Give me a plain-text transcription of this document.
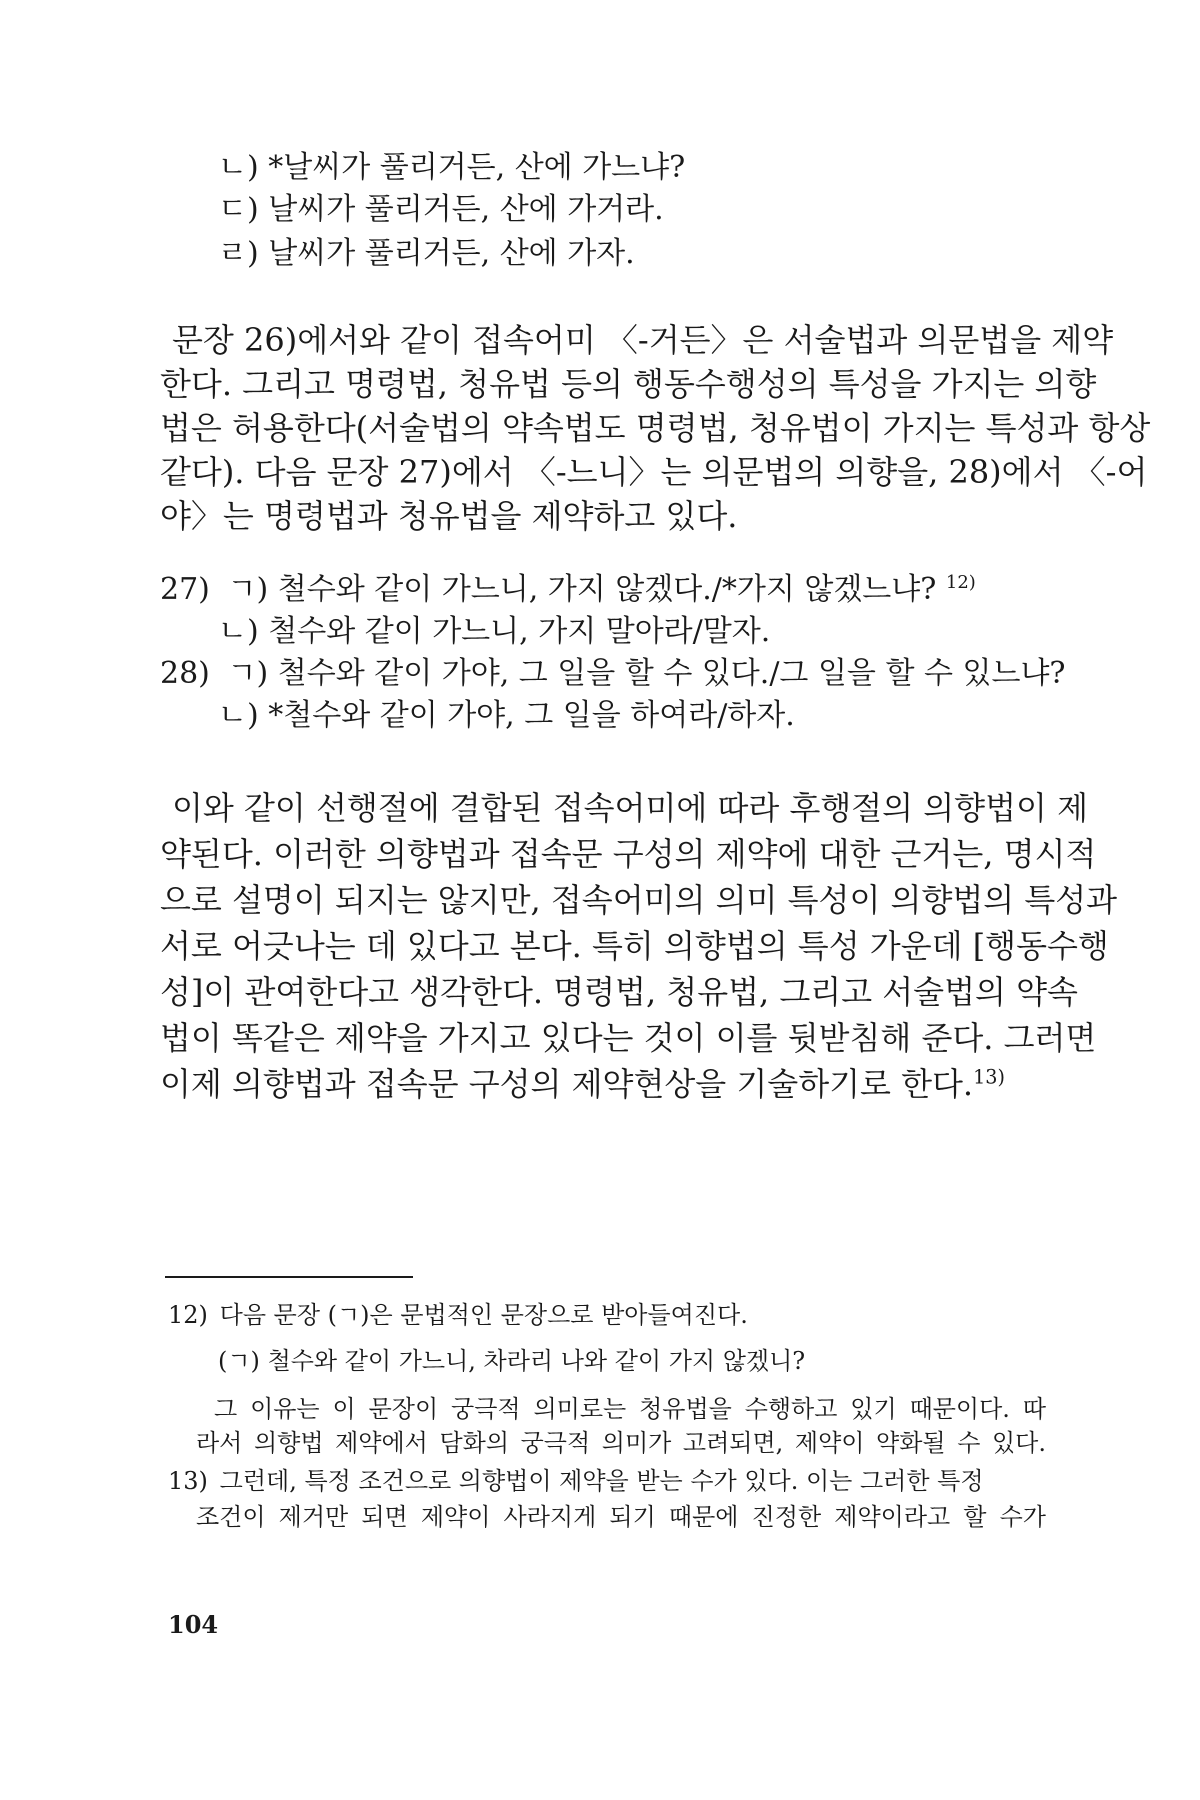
ㄴ) *날씨가 풀리거든, 산에 가느냐?
ㄷ) 날씨가 풀리거든, 산에 가거라.
ㄹ) 날씨가 풀리거든, 산에 가자.
문장 26)에서와 같이 접속어미 〈-거든〉은 서술법과 의문법을 제약
한다. 그리고 명령법, 청유법 등의 행동수행성의 특성을 가지는 의향
법은 허용한다(서술법의 약속법도 명령법, 청유법이 가지는 특성과 항상
같다). 다음 문장 27)에서 〈-느니〉는 의문법의 의향을, 28)에서 〈-어
야〉는 명령법과 청유법을 제약하고 있다.
27) ㄱ) 철수와 같이 가느니, 가지 않겠다./*가지 않겠느냐? $^{12)}$
ㄴ) 철수와 같이 가느니, 가지 말아라/말자.
28) ㄱ) 철수와 같이 가야, 그 일을 할 수 있다./그 일을 할 수 있느냐?
ㄴ) *철수와 같이 가야, 그 일을 하여라/하자.
이와 같이 선행절에 결합된 접속어미에 따라 후행절의 의향법이 제
약된다. 이러한 의향법과 접속문 구성의 제약에 대한 근거는, 명시적
으로 설명이 되지는 않지만, 접속어미의 의미 특성이 의향법의 특성과
서로 어긋나는 데 있다고 본다. 특히 의향법의 특성 가운데 [행동수행
성]이 관여한다고 생각한다. 명령법, 청유법, 그리고 서술법의 약속
법이 똑같은 제약을 가지고 있다는 것이 이를 뒷받침해 준다. 그러면
이제 의향법과 접속문 구성의 제약현상을 기술하기로 한다.$^{13)}$
12) 다음 문장 (ㄱ)은 문법적인 문장으로 받아들여진다.
(ㄱ) 철수와 같이 가느니, 차라리 나와 같이 가지 않겠니?
그 이유는 이 문장이 궁극적 의미로는 청유법을 수행하고 있기 때문이다. 따
라서 의향법 제약에서 담화의 궁극적 의미가 고려되면, 제약이 약화될 수 있다.
13) 그런데, 특정 조건으로 의향법이 제약을 받는 수가 있다. 이는 그러한 특정
조건이 제거만 되면 제약이 사라지게 되기 때문에 진정한 제약이라고 할 수가
104
